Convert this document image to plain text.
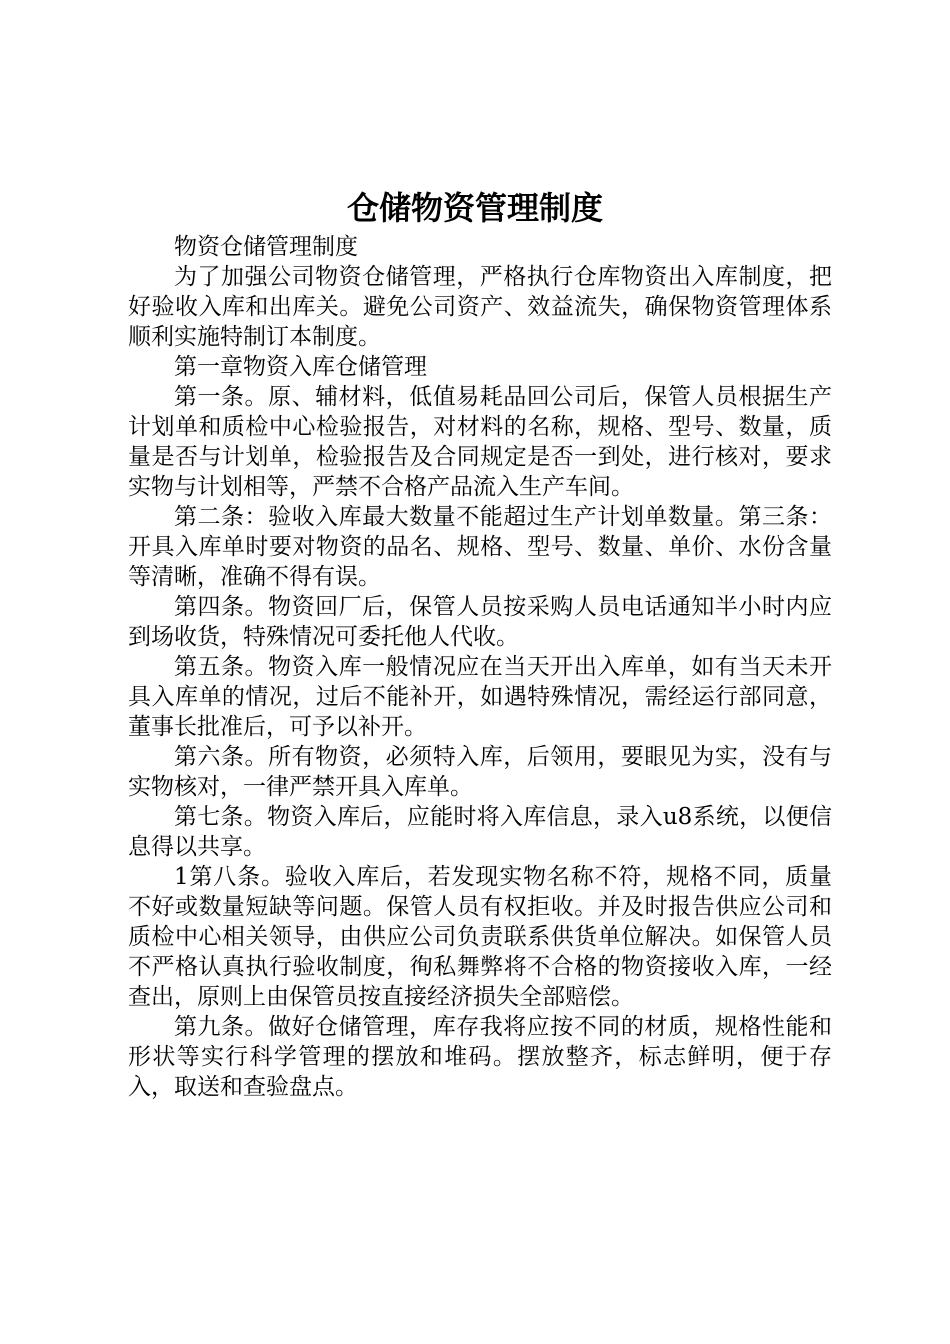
仓储物资管理制度

物资仓储管理制度

为了加强公司物资仓储管理，严格执行仓库物资出入库制度，把好验收入库和出库关。避免公司资产、效益流失，确保物资管理体系顺利实施特制订本制度。

第一章物资入库仓储管理

第一条。原、辅材料，低值易耗品回公司后，保管人员根据生产计划单和质检中心检验报告，对材料的名称，规格、型号、数量，质量是否与计划单，检验报告及合同规定是否一到处，进行核对，要求实物与计划相等，严禁不合格产品流入生产车间。

第二条：验收入库最大数量不能超过生产计划单数量。第三条：开具入库单时要对物资的品名、规格、型号、数量、单价、水份含量等清晰，准确不得有误。

第四条。物资回厂后，保管人员按采购人员电话通知半小时内应到场收货，特殊情况可委托他人代收。

第五条。物资入库一般情况应在当天开出入库单，如有当天未开具入库单的情况，过后不能补开，如遇特殊情况，需经运行部同意，董事长批准后，可予以补开。

第六条。所有物资，必须特入库，后领用，要眼见为实，没有与实物核对，一律严禁开具入库单。

第七条。物资入库后，应能时将入库信息，录入u8系统，以便信息得以共享。

1第八条。验收入库后，若发现实物名称不符，规格不同，质量不好或数量短缺等问题。保管人员有权拒收。并及时报告供应公司和质检中心相关领导，由供应公司负责联系供货单位解决。如保管人员不严格认真执行验收制度，徇私舞弊将不合格的物资接收入库，一经查出，原则上由保管员按直接经济损失全部赔偿。

第九条。做好仓储管理，库存我将应按不同的材质，规格性能和形状等实行科学管理的摆放和堆码。摆放整齐，标志鲜明，便于存入，取送和查验盘点。
